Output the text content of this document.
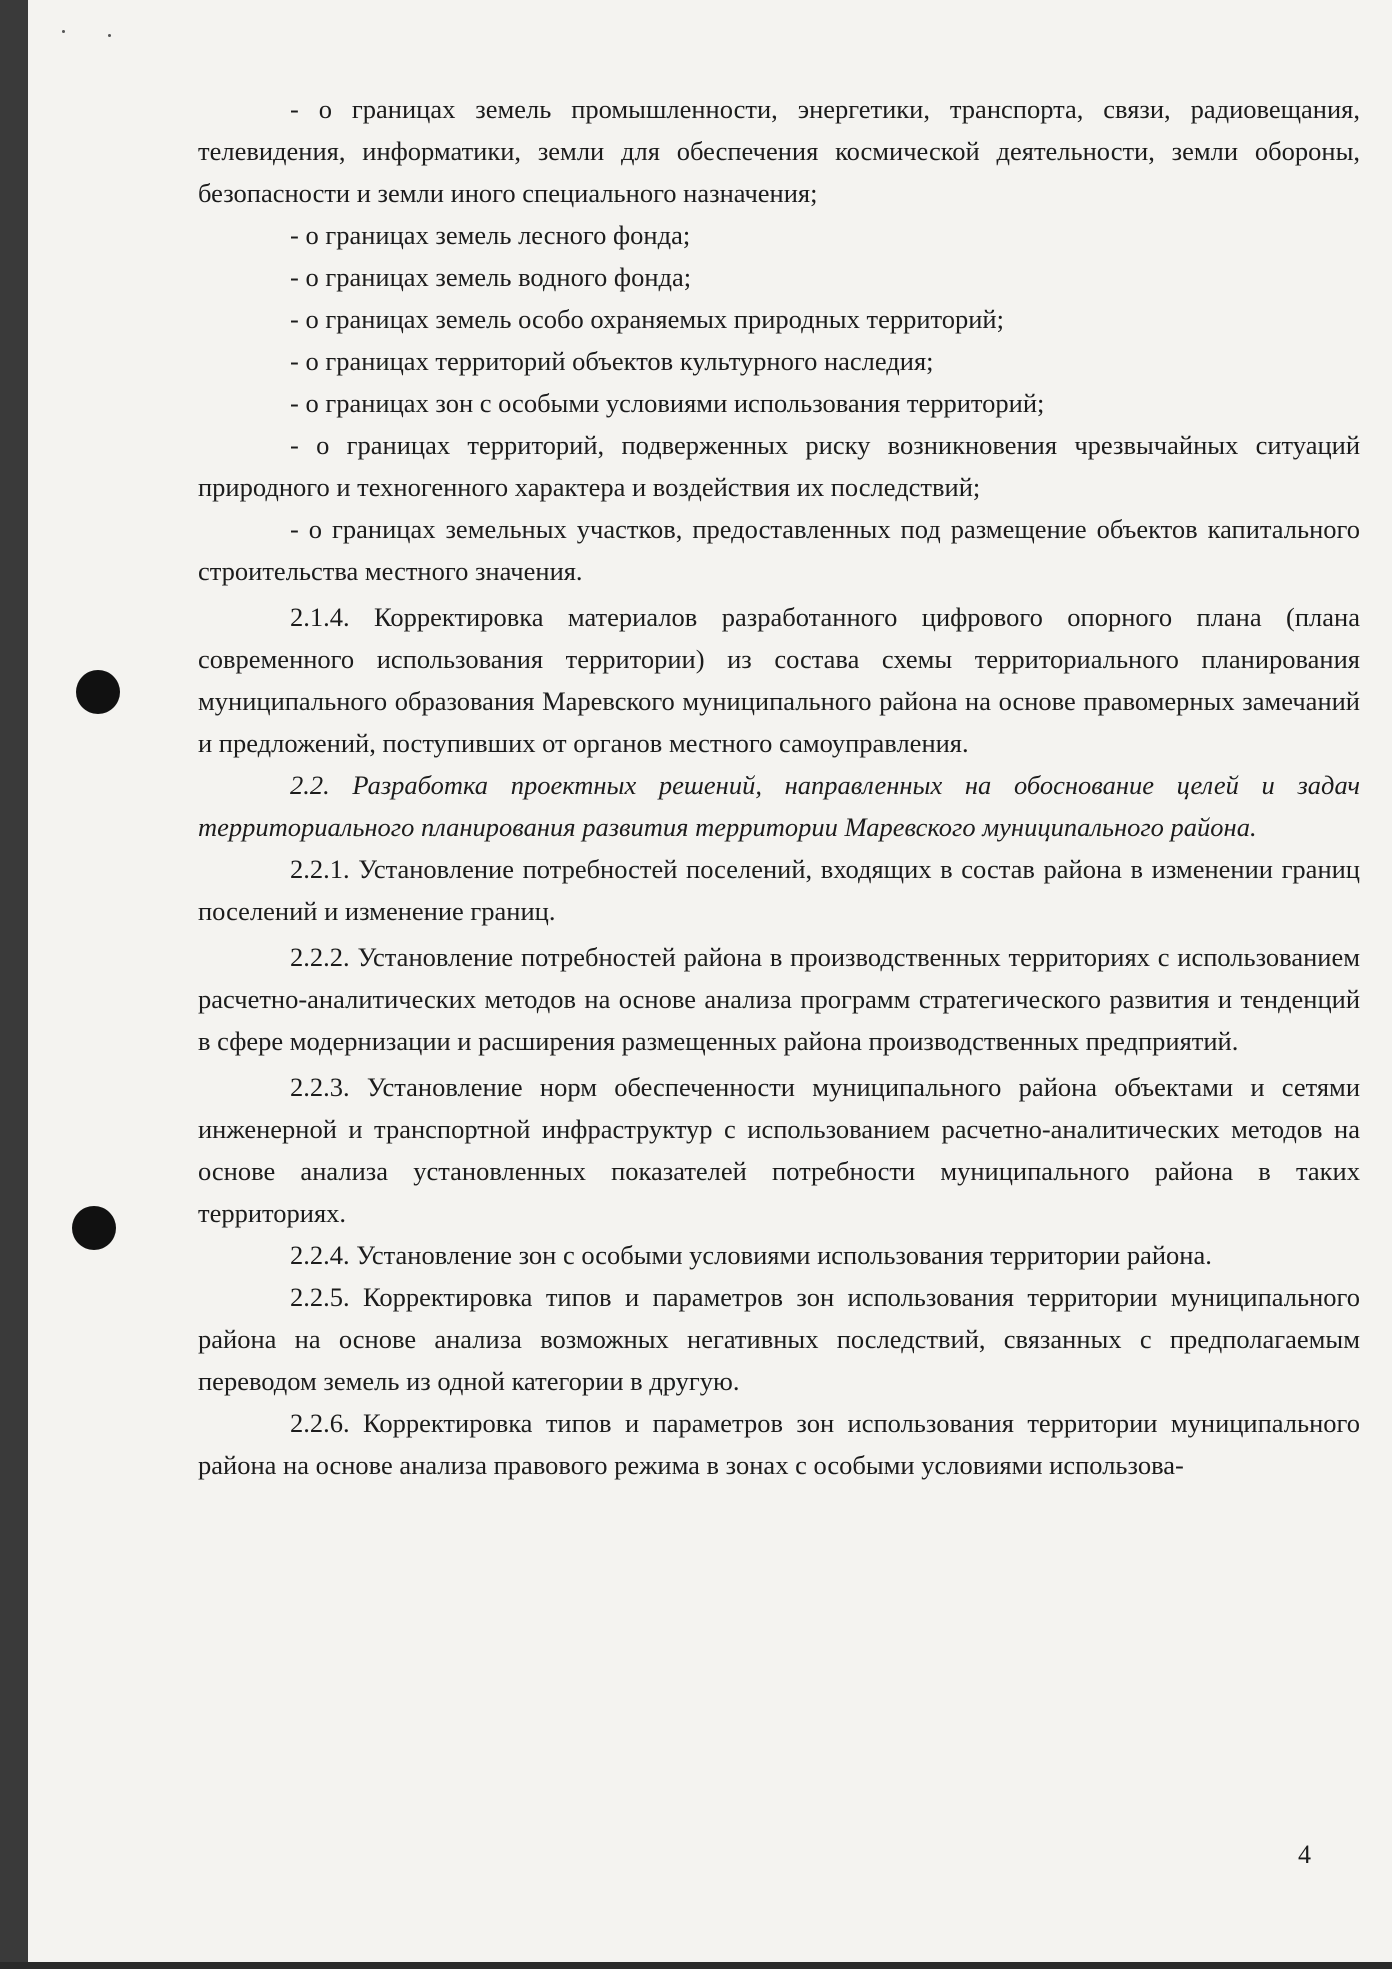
- о границах земель промышленности, энергетики, транспорта, связи, радиовещания, телевидения, информатики, земли для обеспечения космической деятельности, земли обороны, безопасности и земли иного специального назначения;

- о границах земель лесного фонда;

- о границах земель водного фонда;

- о границах земель особо охраняемых природных территорий;

- о границах территорий объектов культурного наследия;

- о границах зон с особыми условиями использования территорий;

- о границах территорий, подверженных риску возникновения чрезвычайных ситуаций природного и техногенного характера и воздействия их последствий;

- о границах земельных участков, предоставленных под размещение объектов капитального строительства местного значения.

2.1.4. Корректировка материалов разработанного цифрового опорного плана (плана современного использования территории) из состава схемы территориального планирования муниципального образования Маревского муниципального района на основе правомерных замечаний и предложений, поступивших от органов местного самоуправления.

2.2. Разработка проектных решений, направленных на обоснование целей и задач территориального планирования развития территории Маревского муниципального района.

2.2.1. Установление потребностей поселений, входящих в состав района в изменении границ поселений и изменение границ.

2.2.2. Установление потребностей района в производственных территориях с использованием расчетно-аналитических методов на основе анализа программ стратегического развития и тенденций в сфере модернизации и расширения размещенных района производственных предприятий.

2.2.3. Установление норм обеспеченности муниципального района объектами и сетями инженерной и транспортной инфраструктур с использованием расчетно-аналитических методов на основе анализа установленных показателей потребности муниципального района в таких территориях.

2.2.4. Установление зон с особыми условиями использования территории района.

2.2.5. Корректировка типов и параметров зон использования территории муниципального района на основе анализа возможных негативных последствий, связанных с предполагаемым переводом земель из одной категории в другую.

2.2.6. Корректировка типов и параметров зон использования территории муниципального района на основе анализа правового режима в зонах с особыми условиями использова-

4
